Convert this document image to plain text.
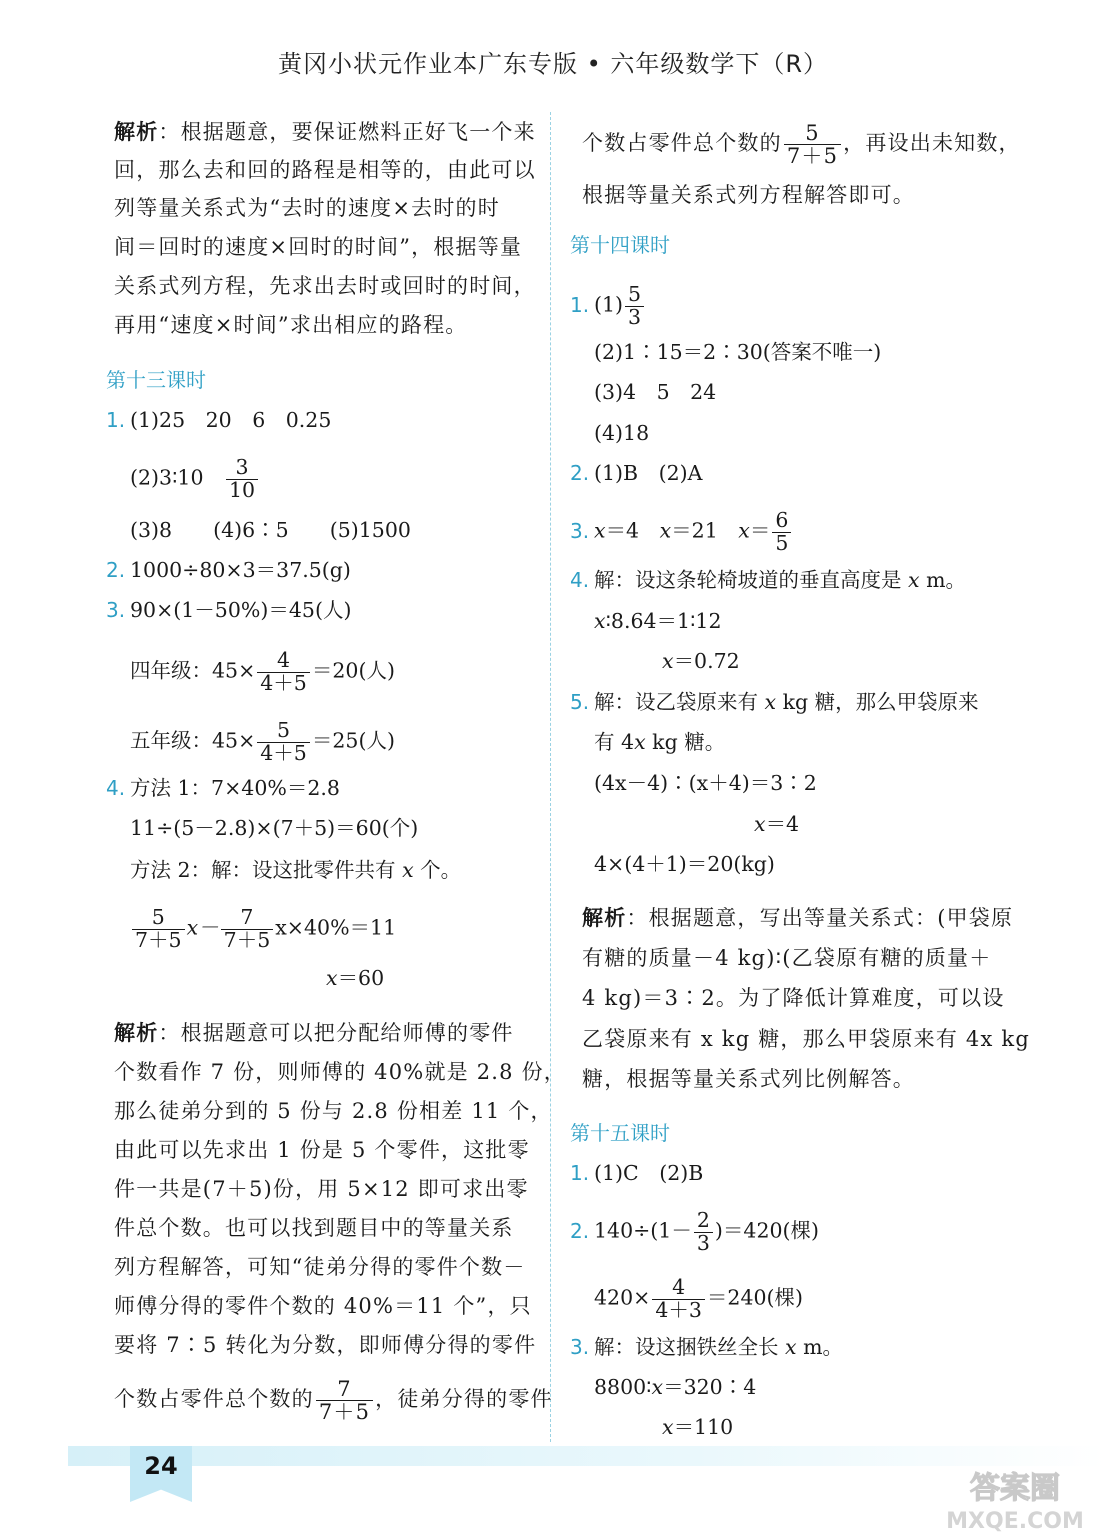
黄冈小状元作业本广东专版 • 六年级数学下（R）
解析：根据题意，要保证燃料正好飞一个来
回，那么去和回的路程是相等的，由此可以
列等量关系式为“去时的速度×去时的时
间＝回时的速度×回时的时间”，根据等量
关系式列方程，先求出去时或回时的时间，
再用“速度×时间”求出相应的路程。
第十三课时
1. (1)25　20　6　0.25
(2)3∶10　 $\frac{3}{10}$
(3)8　　(4)6∶5　　(5)1500
2. 1000÷80×3＝37.5(g)
3. 90×(1－50%)＝45(人)
四年级：$45\times \frac{4}{4+5} =20$(人)
五年级：$45\times \frac{5}{4+5} =25$(人)
4. 方法 1：7×40%＝2.8
11÷(5－2.8)×(7＋5)＝60(个)
方法 2：解：设这批零件共有 x 个。
$\frac{5}{7+5} x- \frac{7}{7+5} x\times 40\%=11$
x＝60
解析：根据题意可以把分配给师傅的零件
个数看作 7 份，则师傅的 40%就是 2.8 份，
那么徒弟分到的 5 份与 2.8 份相差 11 个，
由此可以先求出 1 份是 5 个零件，这批零
件一共是(7＋5)份，用 5×12 即可求出零
件总个数。也可以找到题目中的等量关系
列方程解答，可知“徒弟分得的零件个数－
师傅分得的零件个数的 40%＝11 个”，只
要将 7∶5 转化为分数，即师傅分得的零件
个数占零件总个数的 $\frac{7}{7+5}$ ，徒弟分得的零件
个数占零件总个数的 $\frac{5}{7+5}$ ，再设出未知数，
根据等量关系式列方程解答即可。
第十四课时
1. $(1) \frac{5}{3}$
(2)1∶15＝2∶30(答案不唯一)
(3)4　5　24
(4)18
2. (1)B　(2)A
3. x＝4　x＝21　$x= \frac{6}{5}$
4. 解：设这条轮椅坡道的垂直高度是 x m。
x∶8.64＝1∶12
x＝0.72
5. 解：设乙袋原来有 x kg 糖，那么甲袋原来
有 4x kg 糖。
(4x－4)∶(x＋4)＝3∶2
x＝4
4×(4＋1)＝20(kg)
解析：根据题意，写出等量关系式：(甲袋原
有糖的质量－4 kg)∶(乙袋原有糖的质量＋
4 kg)＝3∶2。为了降低计算难度，可以设
乙袋原来有 x kg 糖，那么甲袋原来有 4x kg
糖，根据等量关系式列比例解答。
第十五课时
1. (1)C　(2)B
2. $140\div(1- \frac{2}{3} )=420$(棵)
$420\times \frac{4}{4+3} =240$(棵)
3. 解：设这捆铁丝全长 x m。
8800∶x＝320∶4
x＝110
24
答案圈
MXQE.COM
